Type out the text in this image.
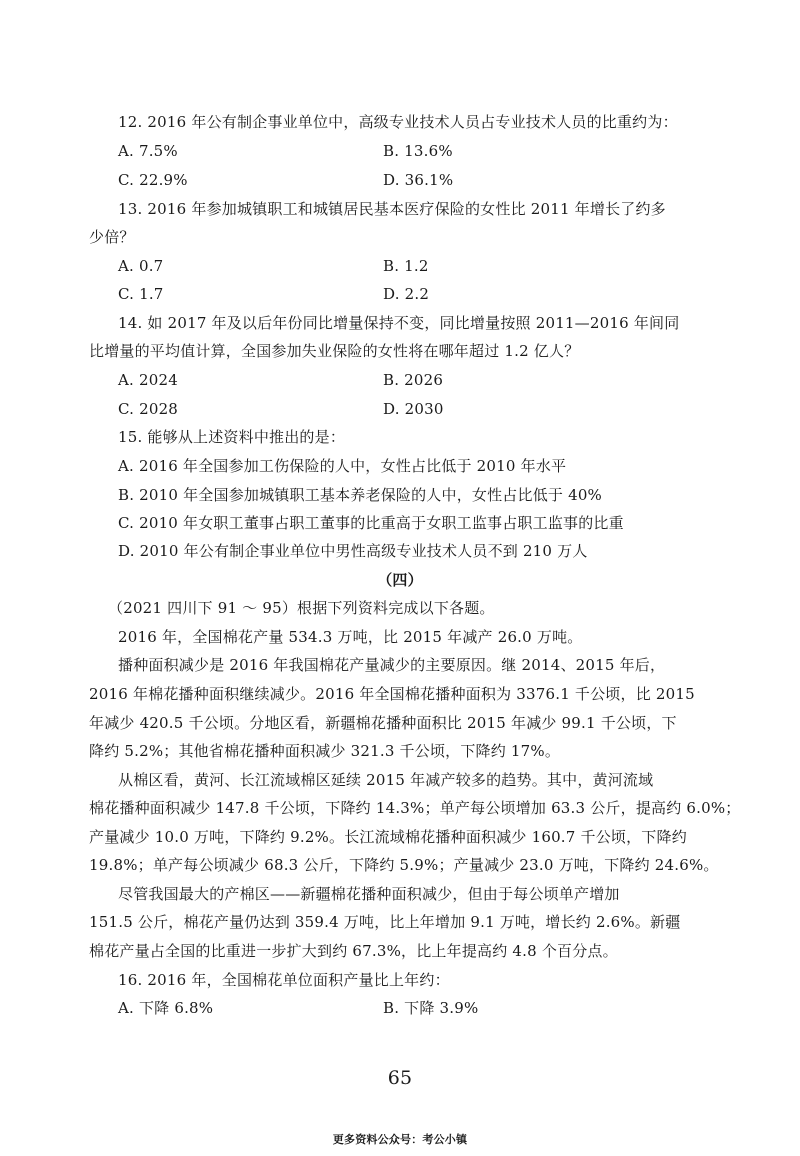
12. 2016 年公有制企事业单位中，高级专业技术人员占专业技术人员的比重约为：
A. 7.5%	B. 13.6%
C. 22.9%	D. 36.1%
13. 2016 年参加城镇职工和城镇居民基本医疗保险的女性比 2011 年增长了约多
少倍？
A. 0.7	B. 1.2
C. 1.7	D. 2.2
14. 如 2017 年及以后年份同比增量保持不变，同比增量按照 2011—2016 年间同
比增量的平均值计算，全国参加失业保险的女性将在哪年超过 1.2 亿人？
A. 2024	B. 2026
C. 2028	D. 2030
15. 能够从上述资料中推出的是：
A. 2016 年全国参加工伤保险的人中，女性占比低于 2010 年水平
B. 2010 年全国参加城镇职工基本养老保险的人中，女性占比低于 40%
C. 2010 年女职工董事占职工董事的比重高于女职工监事占职工监事的比重
D. 2010 年公有制企事业单位中男性高级专业技术人员不到 210 万人
（四）
（2021 四川下 91 ～ 95）根据下列资料完成以下各题。
2016 年，全国棉花产量 534.3 万吨，比 2015 年减产 26.0 万吨。
播种面积减少是 2016 年我国棉花产量减少的主要原因。继 2014、2015 年后，
2016 年棉花播种面积继续减少。2016 年全国棉花播种面积为 3376.1 千公顷，比 2015
年减少 420.5 千公顷。分地区看，新疆棉花播种面积比 2015 年减少 99.1 千公顷，下
降约 5.2%；其他省棉花播种面积减少 321.3 千公顷，下降约 17%。
从棉区看，黄河、长江流域棉区延续 2015 年减产较多的趋势。其中，黄河流域
棉花播种面积减少 147.8 千公顷，下降约 14.3%；单产每公顷增加 63.3 公斤，提高约 6.0%；
产量减少 10.0 万吨，下降约 9.2%。长江流域棉花播种面积减少 160.7 千公顷，下降约
19.8%；单产每公顷减少 68.3 公斤，下降约 5.9%；产量减少 23.0 万吨，下降约 24.6%。
尽管我国最大的产棉区——新疆棉花播种面积减少，但由于每公顷单产增加
151.5 公斤，棉花产量仍达到 359.4 万吨，比上年增加 9.1 万吨，增长约 2.6%。新疆
棉花产量占全国的比重进一步扩大到约 67.3%，比上年提高约 4.8 个百分点。
16. 2016 年，全国棉花单位面积产量比上年约：
A. 下降 6.8%	B. 下降 3.9%
65
更多资料公众号：考公小镇
